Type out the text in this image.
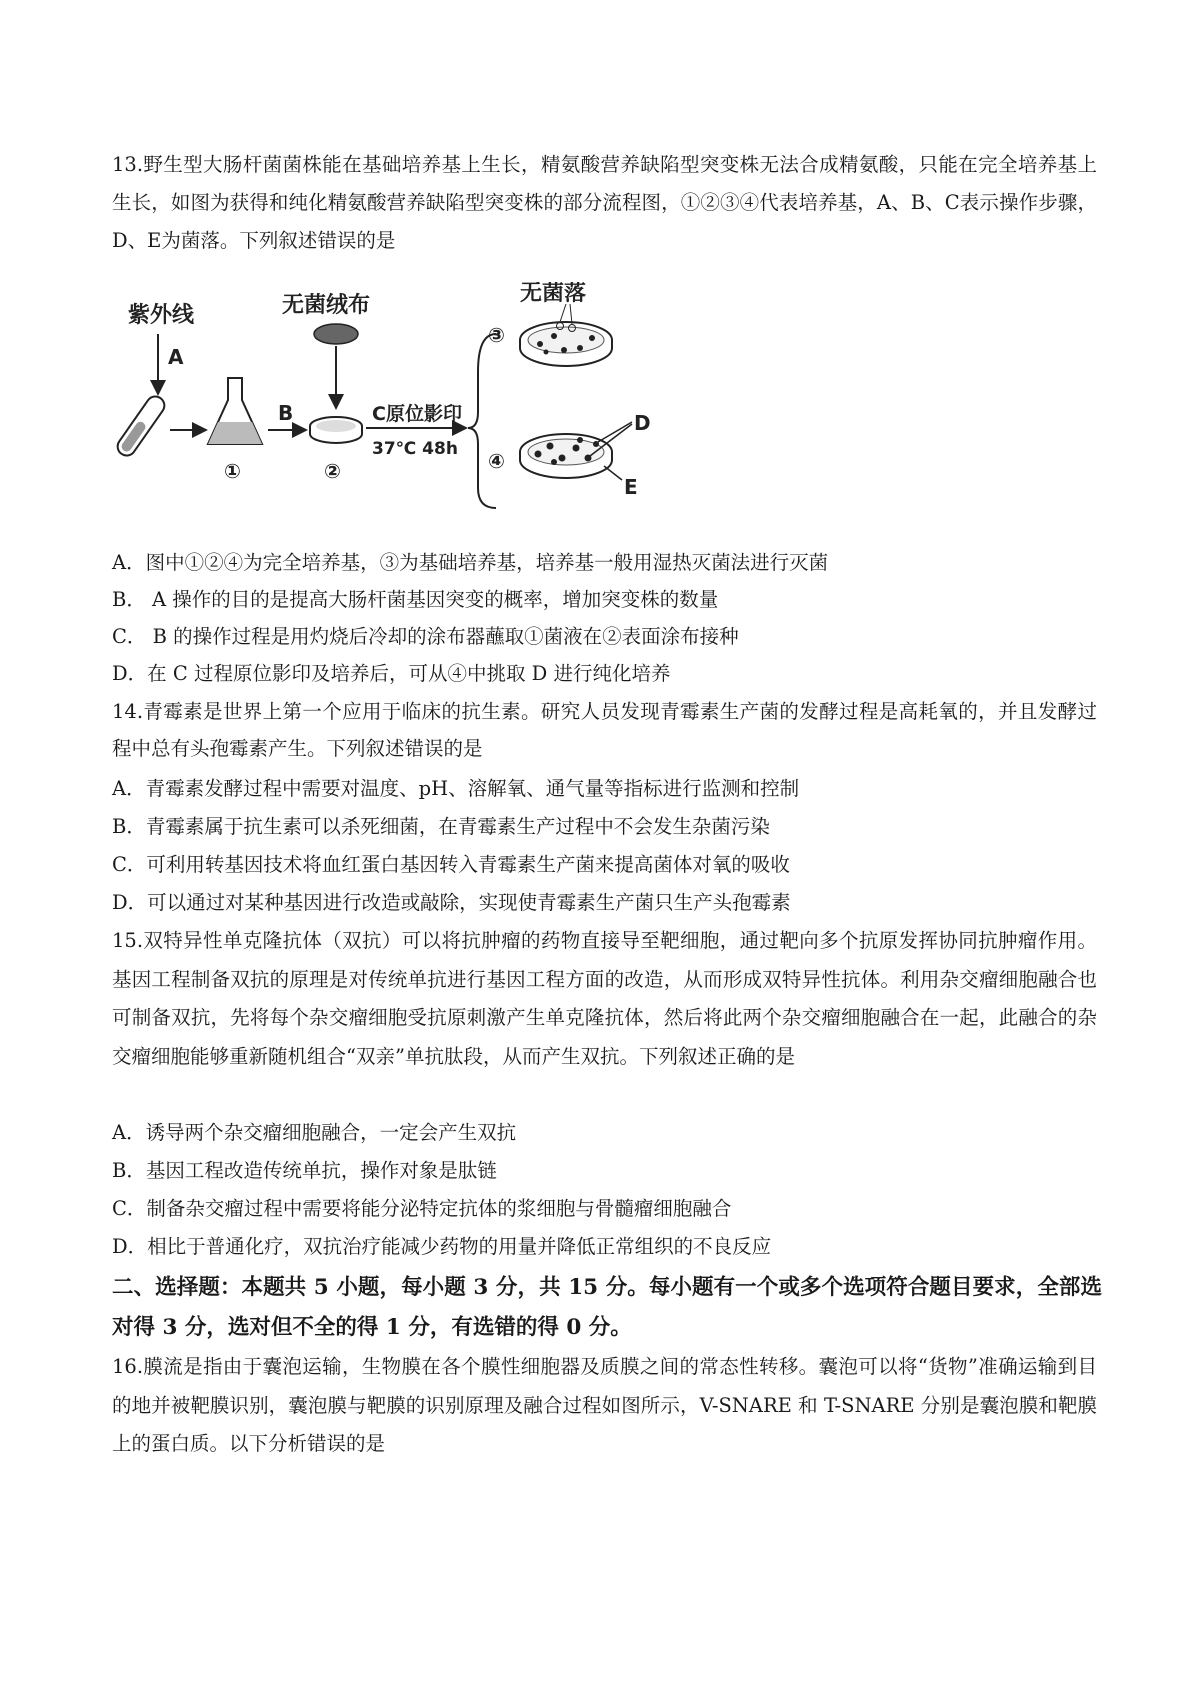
13.野生型大肠杆菌菌株能在基础培养基上生长，精氨酸营养缺陷型突变株无法合成精氨酸，只能在完全培养基上生长，如图为获得和纯化精氨酸营养缺陷型突变株的部分流程图，①②③④代表培养基，A、B、C表示操作步骤，D、E为菌落。下列叙述错误的是

紫外线
A
①
B
无菌绒布
②
C原位影印
37℃ 48h
③
无菌落
④
D
E

A．图中①②④为完全培养基，③为基础培养基，培养基一般用湿热灭菌法进行灭菌

B． A 操作的目的是提高大肠杆菌基因突变的概率，增加突变株的数量

C． B 的操作过程是用灼烧后冷却的涂布器蘸取①菌液在②表面涂布接种

D．在 C 过程原位影印及培养后，可从④中挑取 D 进行纯化培养

14.青霉素是世界上第一个应用于临床的抗生素。研究人员发现青霉素生产菌的发酵过程是高耗氧的，并且发酵过程中总有头孢霉素产生。下列叙述错误的是

A．青霉素发酵过程中需要对温度、pH、溶解氧、通气量等指标进行监测和控制

B．青霉素属于抗生素可以杀死细菌，在青霉素生产过程中不会发生杂菌污染

C．可利用转基因技术将血红蛋白基因转入青霉素生产菌来提高菌体对氧的吸收

D．可以通过对某种基因进行改造或敲除，实现使青霉素生产菌只生产头孢霉素

15.双特异性单克隆抗体（双抗）可以将抗肿瘤的药物直接导至靶细胞，通过靶向多个抗原发挥协同抗肿瘤作用。基因工程制备双抗的原理是对传统单抗进行基因工程方面的改造，从而形成双特异性抗体。利用杂交瘤细胞融合也可制备双抗，先将每个杂交瘤细胞受抗原刺激产生单克隆抗体，然后将此两个杂交瘤细胞融合在一起，此融合的杂交瘤细胞能够重新随机组合“双亲”单抗肽段，从而产生双抗。下列叙述正确的是

A．诱导两个杂交瘤细胞融合，一定会产生双抗

B．基因工程改造传统单抗，操作对象是肽链

C．制备杂交瘤过程中需要将能分泌特定抗体的浆细胞与骨髓瘤细胞融合

D．相比于普通化疗，双抗治疗能减少药物的用量并降低正常组织的不良反应

二、选择题：本题共 5 小题，每小题 3 分，共 15 分。每小题有一个或多个选项符合题目要求，全部选对得 3 分，选对但不全的得 1 分，有选错的得 0 分。

16.膜流是指由于囊泡运输，生物膜在各个膜性细胞器及质膜之间的常态性转移。囊泡可以将“货物”准确运输到目的地并被靶膜识别，囊泡膜与靶膜的识别原理及融合过程如图所示，V-SNARE 和 T-SNARE 分别是囊泡膜和靶膜上的蛋白质。以下分析错误的是
